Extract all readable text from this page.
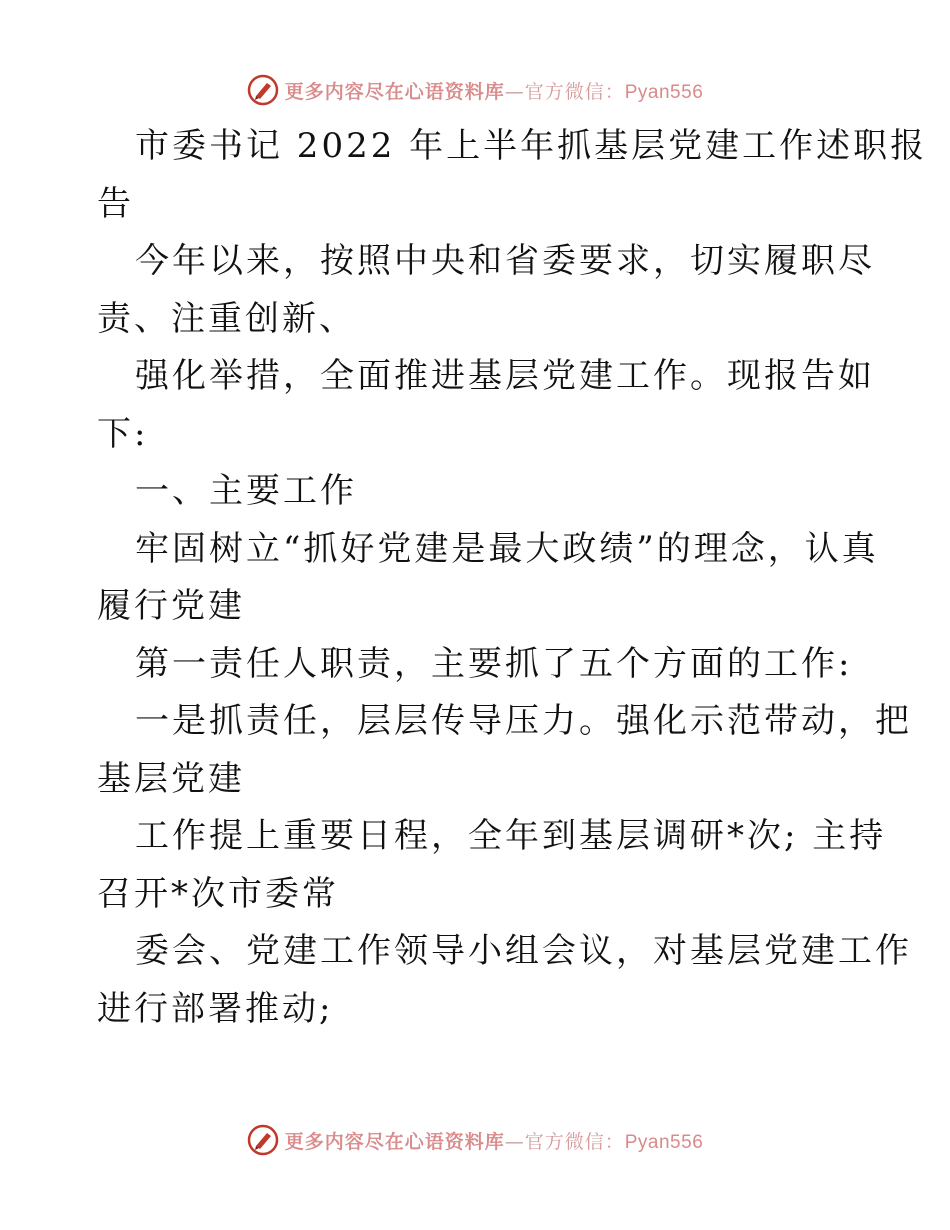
更多内容尽在心语资料库—官方微信：Pyan556
市委书记 2022 年上半年抓基层党建工作述职报
告
今年以来，按照中央和省委要求，切实履职尽
责、注重创新、
强化举措，全面推进基层党建工作。现报告如
下:
一、主要工作
牢固树立“抓好党建是最大政绩”的理念，认真
履行党建
第一责任人职责，主要抓了五个方面的工作:
一是抓责任，层层传导压力。强化示范带动，把
基层党建
工作提上重要日程，全年到基层调研*次; 主持
召开*次市委常
委会、党建工作领导小组会议，对基层党建工作
进行部署推动;
更多内容尽在心语资料库—官方微信：Pyan556
